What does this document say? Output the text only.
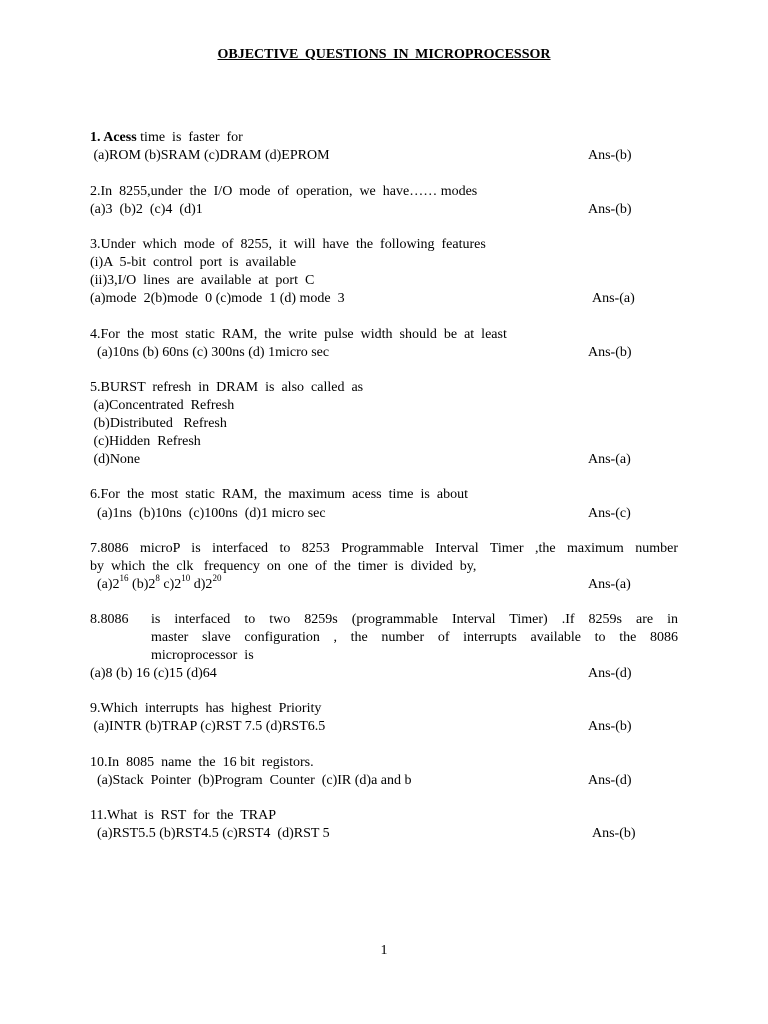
OBJECTIVE QUESTIONS IN MICROPROCESSOR
1. Acess time  is  faster  for
(a)ROM (b)SRAM (c)DRAM (d)EPROM	Ans-(b)
2.In  8255,under  the  I/O  mode  of  operation,  we  have…… modes
(a)3  (b)2  (c)4  (d)1	Ans-(b)
3.Under  which  mode  of  8255,  it  will  have  the  following  features
(i)A  5-bit  control  port  is  available
(ii)3,I/O  lines  are  available  at  port  C
(a)mode  2(b)mode  0 (c)mode  1 (d) mode  3	Ans-(a)
4.For  the  most  static  RAM,  the  write  pulse  width  should  be  at  least
(a)10ns (b) 60ns (c) 300ns (d) 1micro sec	Ans-(b)
5.BURST  refresh  in  DRAM  is  also  called  as
(a)Concentrated  Refresh
(b)Distributed   Refresh
(c)Hidden  Refresh
(d)None	Ans-(a)
6.For  the  most  static  RAM,  the  maximum  acess  time  is  about
(a)1ns  (b)10ns  (c)100ns  (d)1 micro sec	Ans-(c)
7.8086 microP is interfaced to 8253 Programmable Interval Timer ,the maximum number
by  which  the  clk   frequency  on  one  of  the  timer  is  divided  by,
$(a)2^{16}$ $(b)2^8$ $c)2^{10}$ $d)2^{20}$	Ans-(a)
8.8086 is interfaced to two 8259s (programmable Interval Timer) .If 8259s are in
master slave configuration , the number of interrupts available to the 8086
microprocessor  is
(a)8 (b) 16 (c)15 (d)64	Ans-(d)
9.Which  interrupts  has  highest  Priority
(a)INTR (b)TRAP (c)RST 7.5 (d)RST6.5	Ans-(b)
10.In  8085  name  the  16 bit  registors.
(a)Stack  Pointer  (b)Program  Counter  (c)IR (d)a and b	Ans-(d)
11.What  is  RST  for  the  TRAP
(a)RST5.5 (b)RST4.5 (c)RST4  (d)RST 5	Ans-(b)
1
